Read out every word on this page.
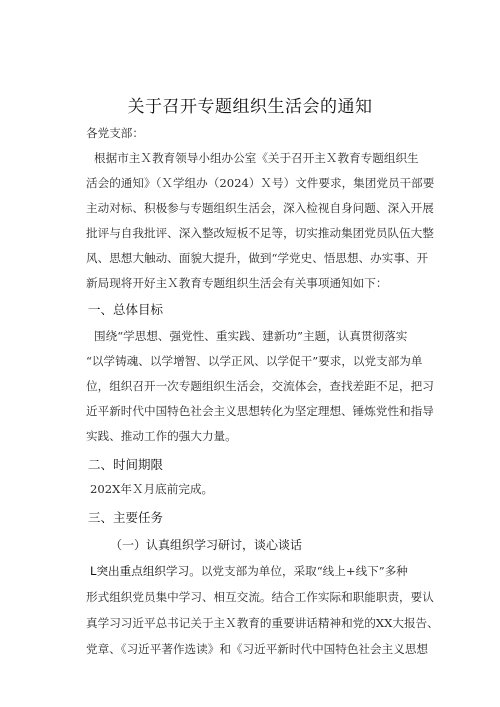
关于召开专题组织生活会的通知
各党支部：
根据市主Ｘ教育领导小组办公室《关于召开主Ｘ教育专题组织生
活会的通知》（Ｘ学组办（2024）Ｘ号）文件要求，集团党员干部要
主动对标、积极参与专题组织生活会，深入检视自身问题、深入开展
批评与自我批评、深入整改短板不足等，切实推动集团党员队伍大整
风、思想大触动、面貌大提升，做到“学党史、悟思想、办实事、开
新局现将开好主Ｘ教育专题组织生活会有关事项通知如下：
一、总体目标
围绕“学思想、强党性、重实践、建新功”主题，认真贯彻落实
“以学铸魂、以学增智、以学正风、以学促干”要求，以党支部为单
位，组织召开一次专题组织生活会，交流体会，查找差距不足，把习
近平新时代中国特色社会主义思想转化为坚定理想、锤炼党性和指导
实践、推动工作的强大力量。
二、时间期限
202X年Ｘ月底前完成。
三、主要任务
（一）认真组织学习研讨，谈心谈话
L突出重点组织学习。以党支部为单位，采取“线上+线下”多种
形式组织党员集中学习、相互交流。结合工作实际和职能职责，要认
真学习习近平总书记关于主Ｘ教育的重要讲话精神和党的XX大报告、
党章、《习近平著作选读》和《习近平新时代中国特色社会主义思想
